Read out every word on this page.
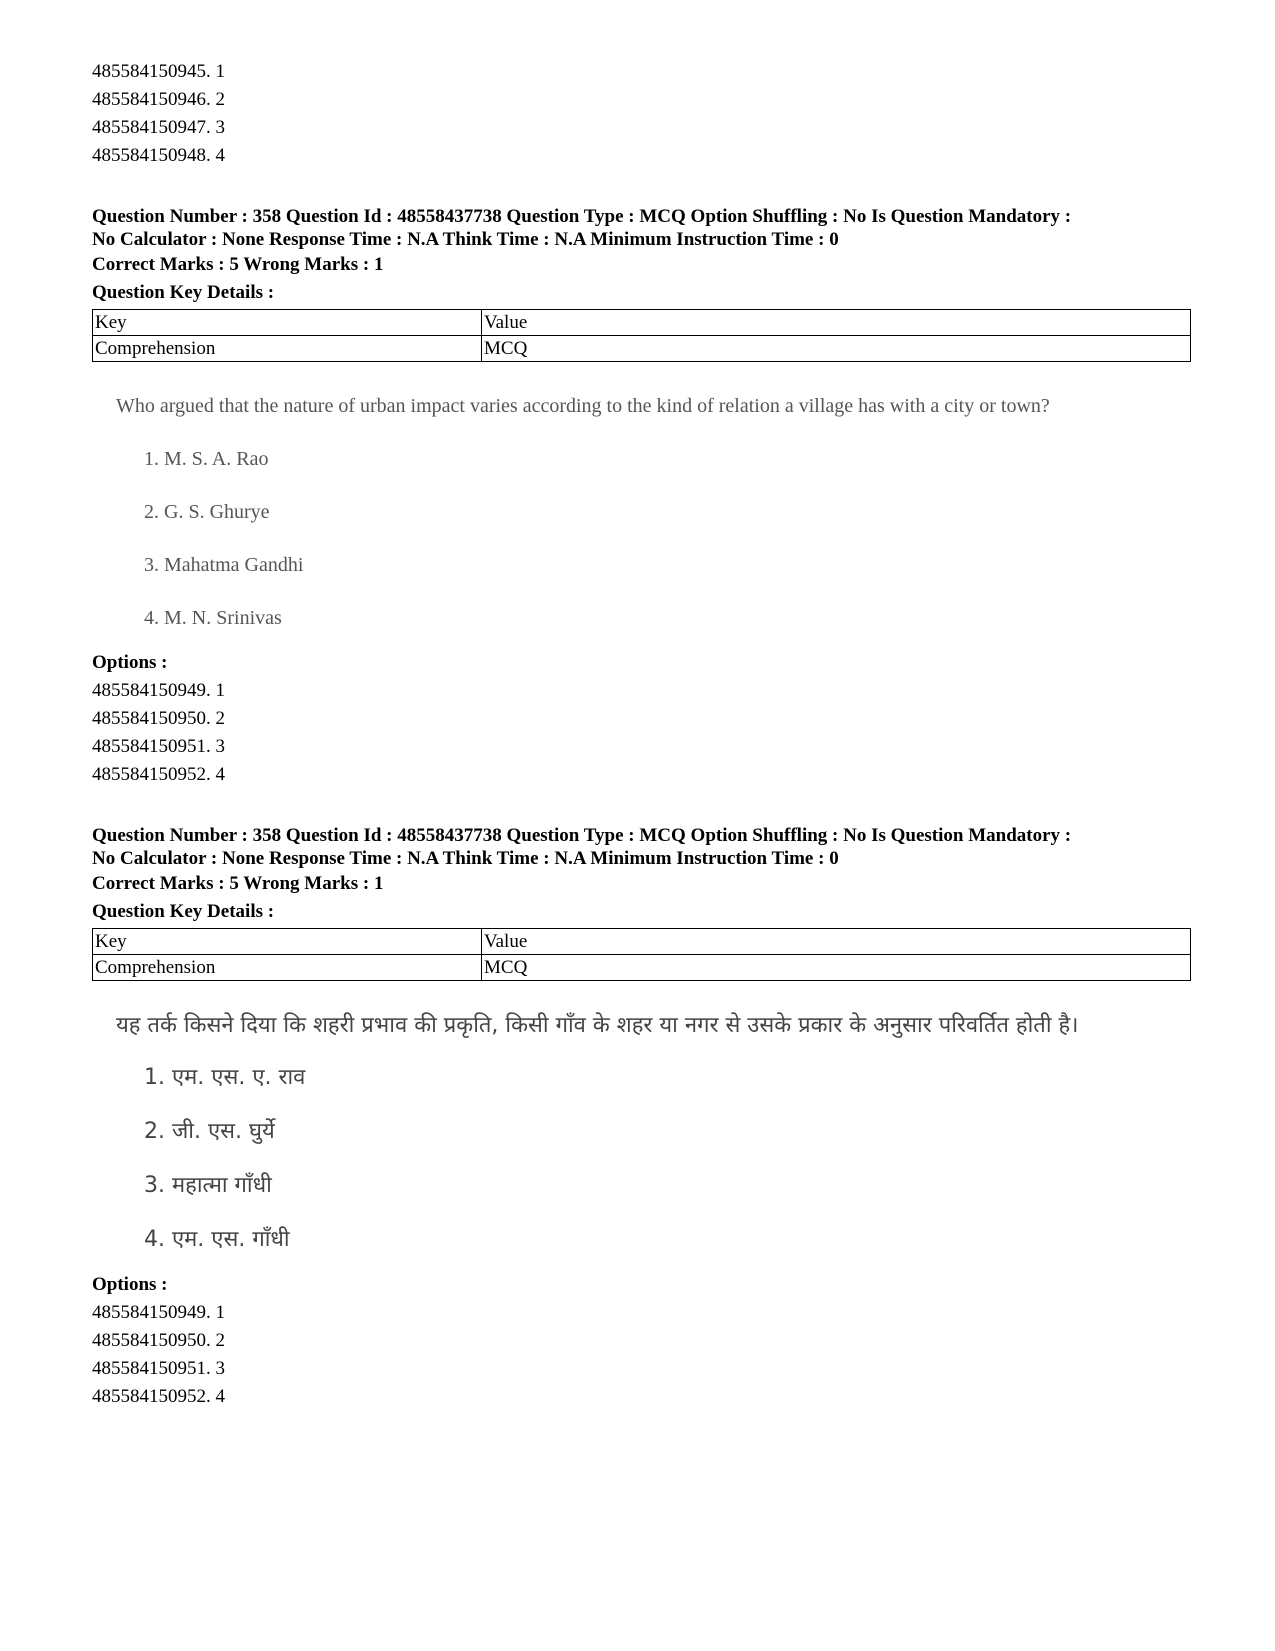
485584150945. 1
485584150946. 2
485584150947. 3
485584150948. 4
Question Number : 358 Question Id : 48558437738 Question Type : MCQ Option Shuffling : No Is Question Mandatory :
No Calculator : None Response Time : N.A Think Time : N.A Minimum Instruction Time : 0
Correct Marks : 5 Wrong Marks : 1
Question Key Details :
Key	Value
Comprehension	MCQ
Who argued that the nature of urban impact varies according to the kind of relation a village has with a city or town?
1. M. S. A. Rao
2. G. S. Ghurye
3. Mahatma Gandhi
4. M. N. Srinivas
Options :
485584150949. 1
485584150950. 2
485584150951. 3
485584150952. 4
Question Number : 358 Question Id : 48558437738 Question Type : MCQ Option Shuffling : No Is Question Mandatory :
No Calculator : None Response Time : N.A Think Time : N.A Minimum Instruction Time : 0
Correct Marks : 5 Wrong Marks : 1
Question Key Details :
Key	Value
Comprehension	MCQ
यह तर्क किसने दिया कि शहरी प्रभाव की प्रकृति, किसी गाँव के शहर या नगर से उसके प्रकार के अनुसार परिवर्तित होती है।
1. एम. एस. ए. राव
2. जी. एस. घुर्ये
3. महात्मा गाँधी
4. एम. एस. गाँधी
Options :
485584150949. 1
485584150950. 2
485584150951. 3
485584150952. 4
